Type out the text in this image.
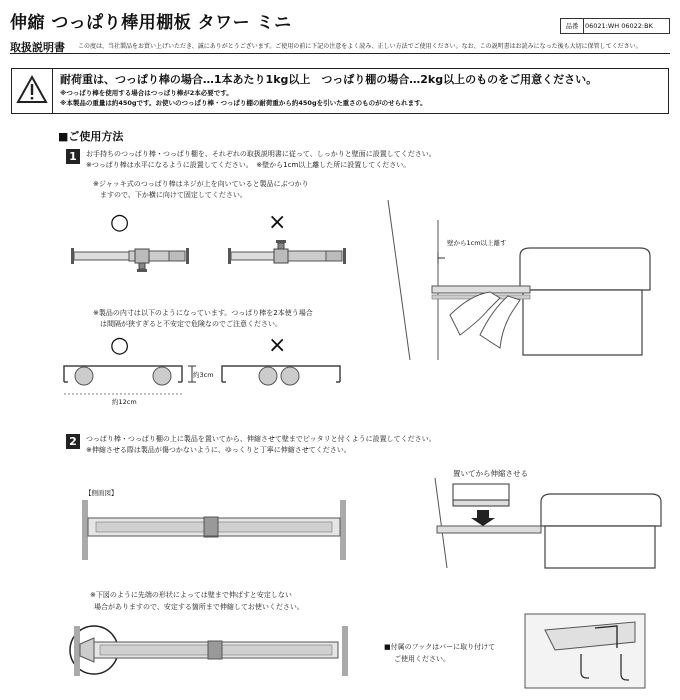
伸縮 つっぱり棒用棚板 タワー ミニ	品番	06021:WH 06022:BK
取扱説明書 この度は、当社製品をお買い上げいただき、誠にありがとうございます。ご使用の前に下記の注意をよく読み、正しい方法でご使用ください。なお、この説明書はお読みになった後も大切に保管してください。
耐荷重は、つっぱり棒の場合…1本あたり1kg以上　つっぱり棚の場合…2kg以上のものをご用意ください。
※つっぱり棒を使用する場合はつっぱり棒が2本必要です。
※本製品の重量は約450gです。お使いのつっぱり棒・つっぱり棚の耐荷重から約450gを引いた重さのものがのせられます。
■ご使用方法
1	お手持ちのつっぱり棒・つっぱり棚を、それぞれの取扱説明書に従って、しっかりと壁面に設置してください。
※つっぱり棒は水平になるように設置してください。　※壁から1cm以上離した所に設置してください。
※ジャッキ式のつっぱり棒はネジが上を向いていると製品にぶつかり
ますので、下か横に向けて固定してください。
○	×
※製品の内寸は以下のようになっています。つっぱり棒を2本使う場合
は間隔が狭すぎると不安定で危険なのでご注意ください。
○	×
約3cm
約12cm
壁から1cm以上離す
2	つっぱり棒・つっぱり棚の上に製品を置いてから、伸縮させて壁までピッタリと付くように設置してください。
※伸縮させる際は製品が傷つかないように、ゆっくりと丁寧に伸縮させてください。
【側面図】
置いてから伸縮させる
※下図のように先端の形状によっては壁まで伸ばすと安定しない
場合がありますので、安定する箇所まで伸縮してお使いください。
■付属のフックはバーに取り付けて
ご使用ください。
